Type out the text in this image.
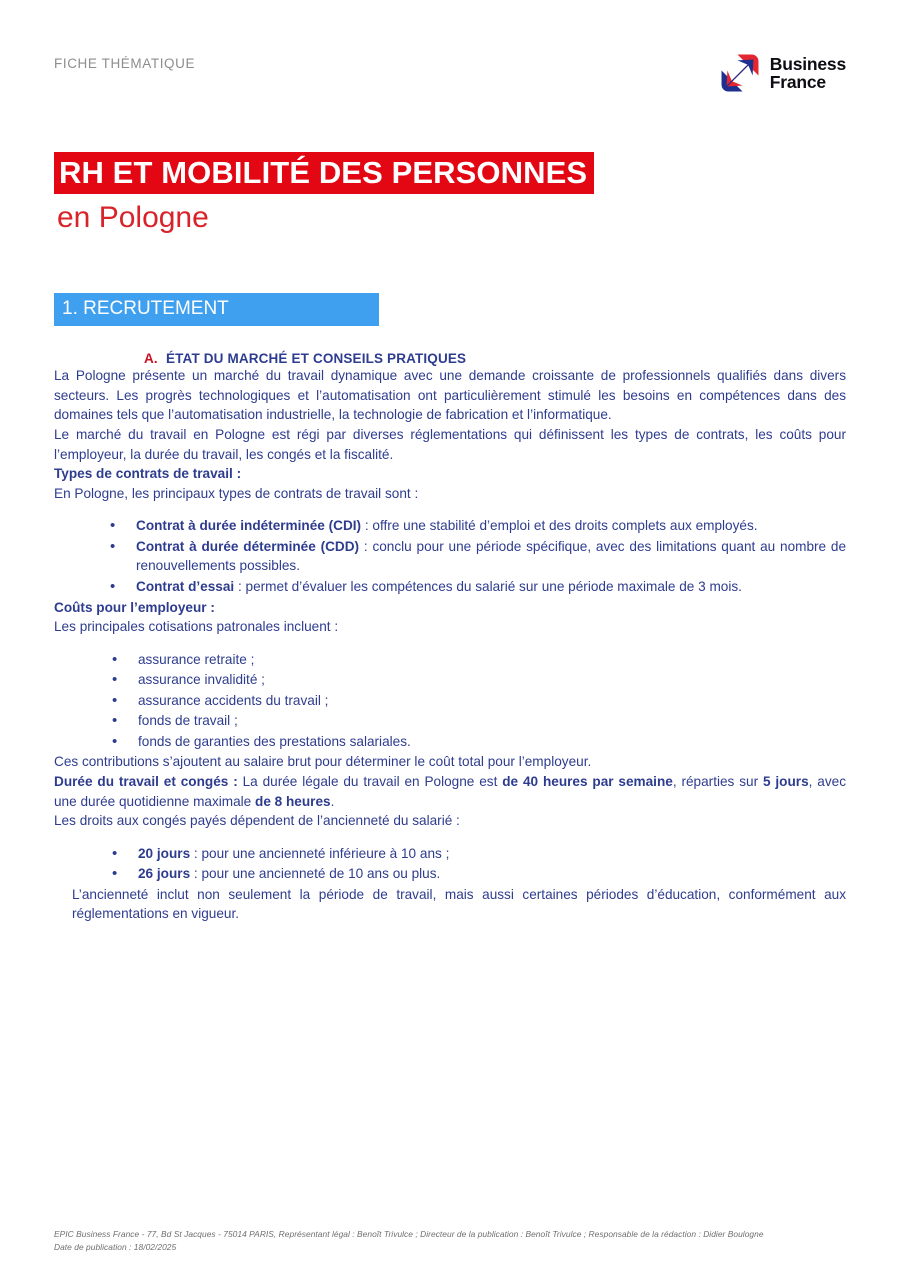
FICHE THÉMATIQUE	Business
France
RH ET MOBILITÉ DES PERSONNES
en Pologne
1. RECRUTEMENT
A. ÉTAT DU MARCHÉ ET CONSEILS PRATIQUES

La Pologne présente un marché du travail dynamique avec une demande croissante de professionnels qualifiés dans divers secteurs. Les progrès technologiques et l’automatisation ont particulièrement stimulé les besoins en compétences dans des domaines tels que l’automatisation industrielle, la technologie de fabrication et l’informatique.

Le marché du travail en Pologne est régi par diverses réglementations qui définissent les types de contrats, les coûts pour l’employeur, la durée du travail, les congés et la fiscalité.

Types de contrats de travail :

En Pologne, les principaux types de contrats de travail sont :

• Contrat à durée indéterminée (CDI) : offre une stabilité d’emploi et des droits complets aux employés.
• Contrat à durée déterminée (CDD) : conclu pour une période spécifique, avec des limitations quant au nombre de renouvellements possibles.
• Contrat d’essai : permet d’évaluer les compétences du salarié sur une période maximale de 3 mois.

Coûts pour l’employeur :

Les principales cotisations patronales incluent :

• assurance retraite ;
• assurance invalidité ;
• assurance accidents du travail ;
• fonds de travail ;
• fonds de garanties des prestations salariales.

Ces contributions s’ajoutent au salaire brut pour déterminer le coût total pour l’employeur.

Durée du travail et congés : La durée légale du travail en Pologne est de 40 heures par semaine, réparties sur 5 jours, avec une durée quotidienne maximale de 8 heures.

Les droits aux congés payés dépendent de l’ancienneté du salarié :

• 20 jours : pour une ancienneté inférieure à 10 ans ;
• 26 jours : pour une ancienneté de 10 ans ou plus.

L’ancienneté inclut non seulement la période de travail, mais aussi certaines périodes d’éducation, conformément aux réglementations en vigueur.

EPIC Business France - 77, Bd St Jacques - 75014 PARIS, Représentant légal : Benoît Trivulce ; Directeur de la publication : Benoît Trivulce ; Responsable de la rédaction : Didier Boulogne
Date de publication : 18/02/2025
